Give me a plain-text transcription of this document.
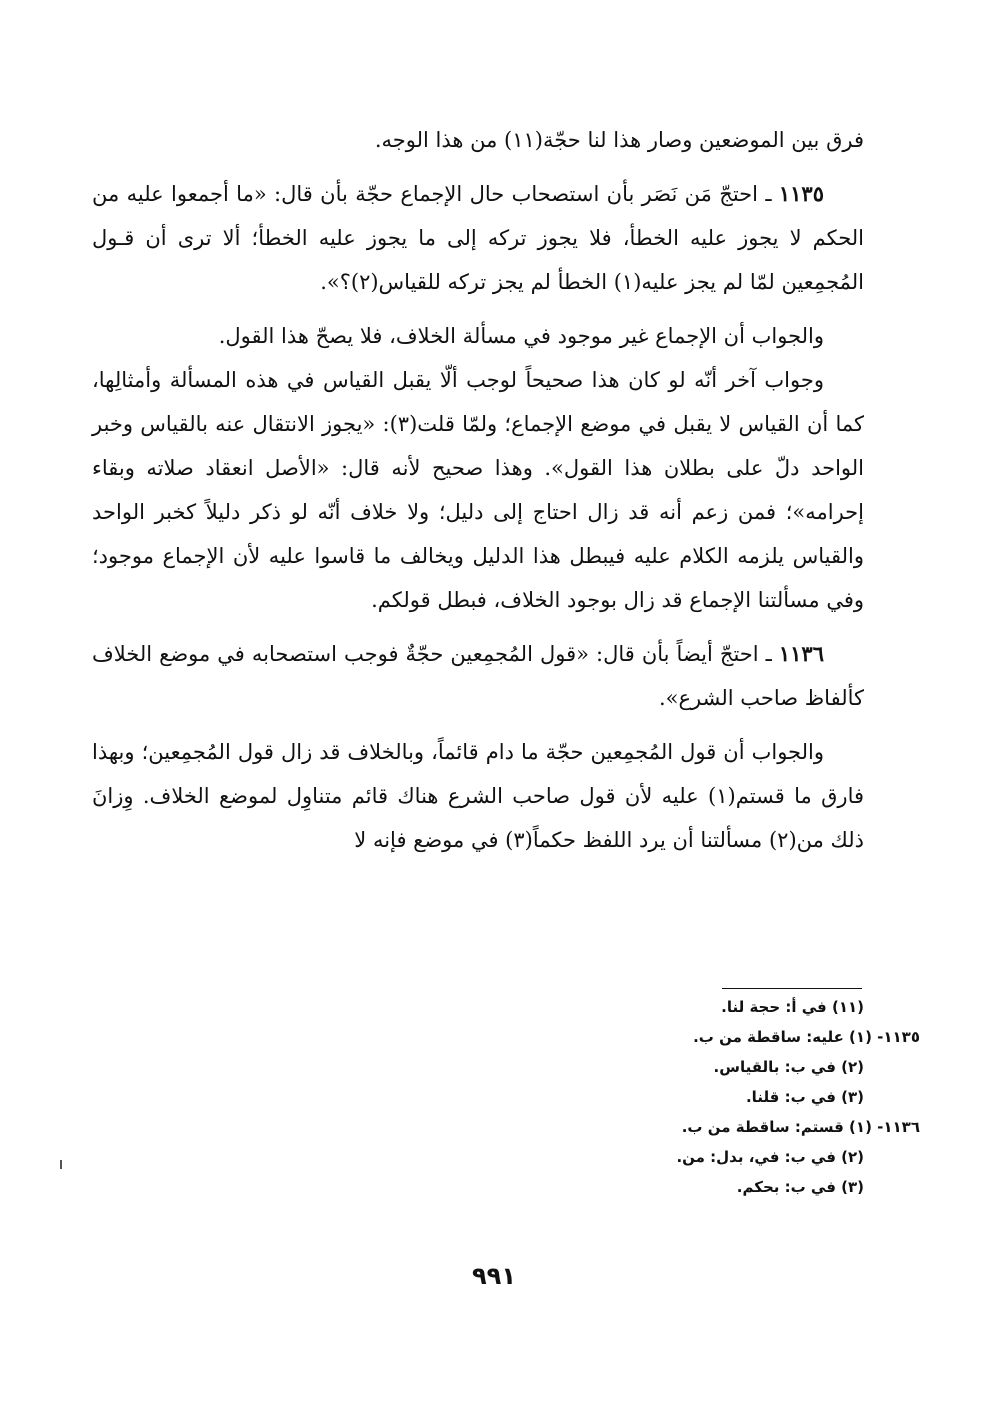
فرق بين الموضعين وصار هذا لنا حجّة(١١) من هذا الوجه.

١١٣٥ ـ احتجّ مَن نَصَر بأن استصحاب حال الإجماع حجّة بأن قال: «ما أجمعوا عليه من الحكم لا يجوز عليه الخطأ، فلا يجوز تركه إلى ما يجوز عليه الخطأ؛ ألا ترى أن قـول المُجمِعين لمّا لم يجز عليه(١) الخطأ لم يجز تركه للقياس(٢)؟».

والجواب أن الإجماع غير موجود في مسألة الخلاف، فلا يصحّ هذا القول.

وجواب آخر أنّه لو كان هذا صحيحاً لوجب ألّا يقبل القياس في هذه المسألة وأمثالِها، كما أن القياس لا يقبل في موضع الإجماع؛ ولمّا قلت(٣): «يجوز الانتقال عنه بالقياس وخبر الواحد دلّ على بطلان هذا القول». وهذا صحيح لأنه قال: «الأصل انعقاد صلاته وبقاء إحرامه»؛ فمن زعم أنه قد زال احتاج إلى دليل؛ ولا خلاف أنّه لو ذكر دليلاً كخبر الواحد والقياس يلزمه الكلام عليه فيبطل هذا الدليل ويخالف ما قاسوا عليه لأن الإجماع موجود؛ وفي مسألتنا الإجماع قد زال بوجود الخلاف، فبطل قولكم.

١١٣٦ ـ احتجّ أيضاً بأن قال: «قول المُجمِعين حجّةٌ فوجب استصحابه في موضع الخلاف كألفاظ صاحب الشرع».

والجواب أن قول المُجمِعين حجّة ما دام قائماً، وبالخلاف قد زال قول المُجمِعين؛ وبهذا فارق ما قستم(١) عليه لأن قول صاحب الشرع هناك قائم متناوِل لموضع الخلاف. وِزانَ ذلك من(٢) مسألتنا أن يرد اللفظ حكماً(٣) في موضع فإنه لا

(١١) في أ: حجة لنا.
١١٣٥- (١) عليه: ساقطة من ب.
(٢) في ب: بالقياس.
(٣) في ب: قلنا.
١١٣٦- (١) قستم: ساقطة من ب.
(٢) في ب: في، بدل: من.
(٣) في ب: بحكم.
٩٩١
